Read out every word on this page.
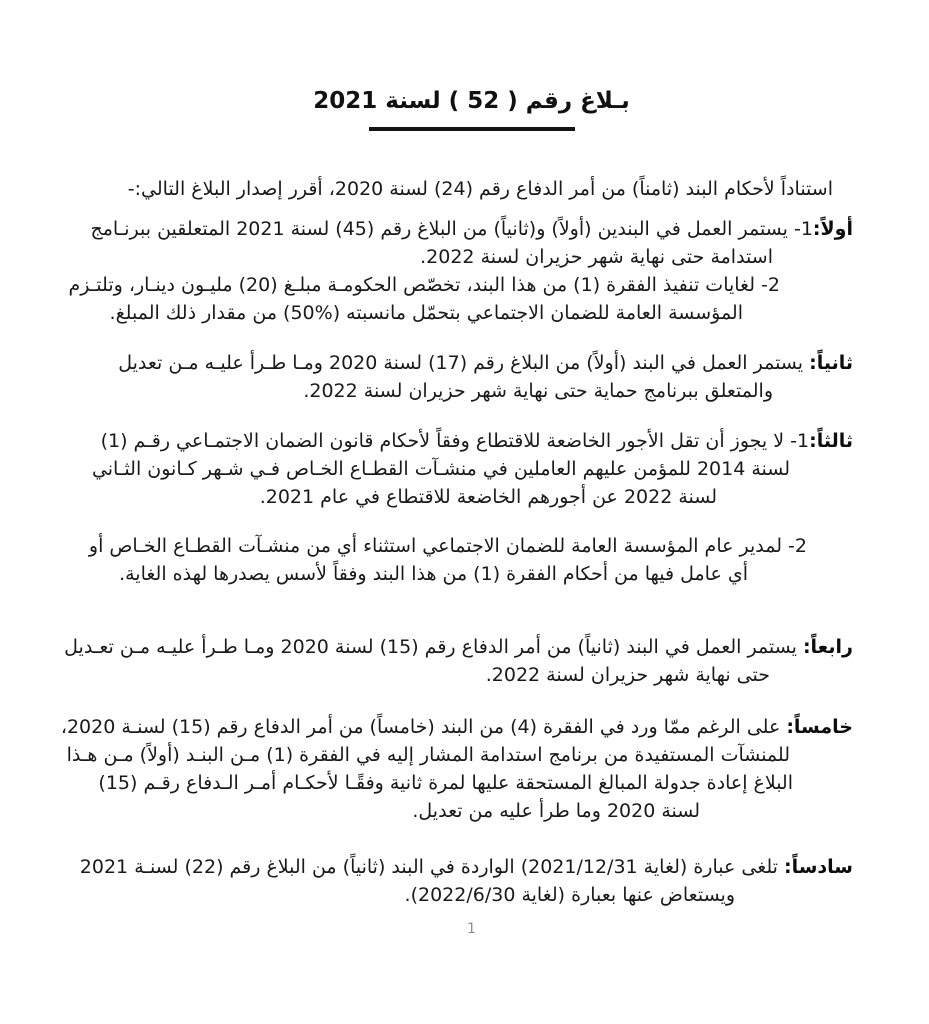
بـلاغ رقم ( 52 ) لسنة 2021
استناداً لأحكام البند (ثامناً) من أمر الدفاع رقم (24) لسنة 2020، أقرر إصدار البلاغ التالي:-
أولاً:1- يستمر العمل في البندين (أولاً) و(ثانياً) من البلاغ رقم (45) لسنة 2021 المتعلقين ببرنـامج
استدامة حتى نهاية شهر حزيران لسنة 2022.
2- لغايات تنفيذ الفقرة (1) من هذا البند، تخصّص الحكومـة مبلـغ (20) مليـون دينـار، وتلتـزم
المؤسسة العامة للضمان الاجتماعي بتحمّل مانسبته (%50) من مقدار ذلك المبلغ.
ثانياً: يستمر العمل في البند (أولاً) من البلاغ رقم (17) لسنة 2020 ومـا طـرأ عليـه مـن تعديل
والمتعلق ببرنامج حماية حتى نهاية شهر حزيران لسنة 2022.
ثالثاً:1- لا يجوز أن تقل الأجور الخاضعة للاقتطاع وفقاً لأحكام قانون الضمان الاجتمـاعي رقـم (1)
لسنة 2014 للمؤمن عليهم العاملين في منشـآت القطـاع الخـاص فـي شـهر كـانون الثـاني
لسنة 2022 عن أجورهم الخاضعة للاقتطاع في عام 2021.
2- لمدير عام المؤسسة العامة للضمان الاجتماعي استثناء أي من منشـآت القطـاع الخـاص أو
أي عامل فيها من أحكام الفقرة (1) من هذا البند وفقاً لأسس يصدرها لهذه الغاية.
رابعاً: يستمر العمل في البند (ثانياً) من أمر الدفاع رقم (15) لسنة 2020 ومـا طـرأ عليـه مـن تعـديل
حتى نهاية شهر حزيران لسنة 2022.
خامساً: على الرغم ممّا ورد في الفقرة (4) من البند (خامساً) من أمر الدفاع رقم (15) لسنـة 2020،
للمنشآت المستفيدة من برنامج استدامة المشار إليه في الفقرة (1) مـن البنـد (أولاً) مـن هـذا
البلاغ إعادة جدولة المبالغ المستحقة عليها لمرة ثانية وفقًـا لأحكـام أمـر الـدفاع رقـم (15)
لسنة 2020 وما طرأ عليه من تعديل.
سادساً: تلغى عبارة (لغاية 2021/12/31) الواردة في البند (ثانياً) من البلاغ رقم (22) لسنـة 2021
ويستعاض عنها بعبارة (لغاية 2022/6/30).
1
